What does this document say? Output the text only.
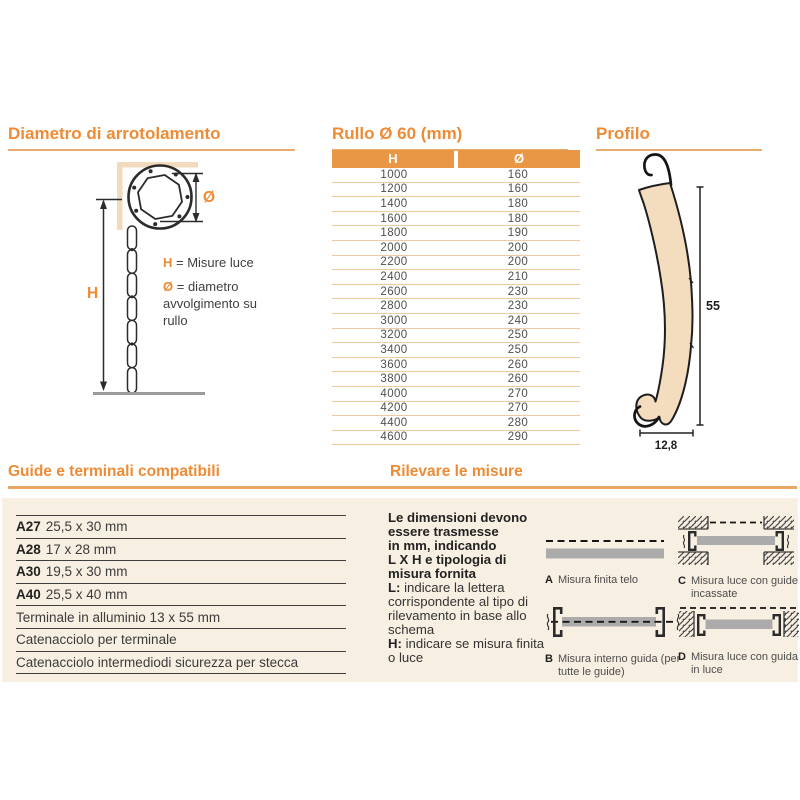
Diametro di arrotolamento	Rullo Ø 60 (mm)	Profilo
H
Ø

H = Misure luce

Ø = diametro avvolgimento su rullo

H	Ø
1000	160
1200	160
1400	180
1600	180
1800	190
2000	200
2200	200
2400	210
2600	230
2800	230
3000	240
3200	250
3400	250
3600	260
3800	260
4000	270
4200	270
4400	280
4600	290
55
12,8
Guide e terminali compatibili	Rilevare le misure
A27 25,5 x 30 mm
A28 17 x 28 mm
A30 19,5 x 30 mm
A40 25,5 x 40 mm
Terminale in alluminio 13 x 55 mm
Catenacciolo per terminale
Catenacciolo intermediodi sicurezza per stecca
Le dimensioni devono
essere trasmesse
in mm, indicando
L X H e tipologia di
misura fornita

L: indicare la lettera corrispondente al tipo di rilevamento in base allo schema

H: indicare se misura finita o luce

A Misura finita telo
B Misura interno guida (per tutte le guide)
C Misura luce con guide incassate
D Misura luce con guida in luce
